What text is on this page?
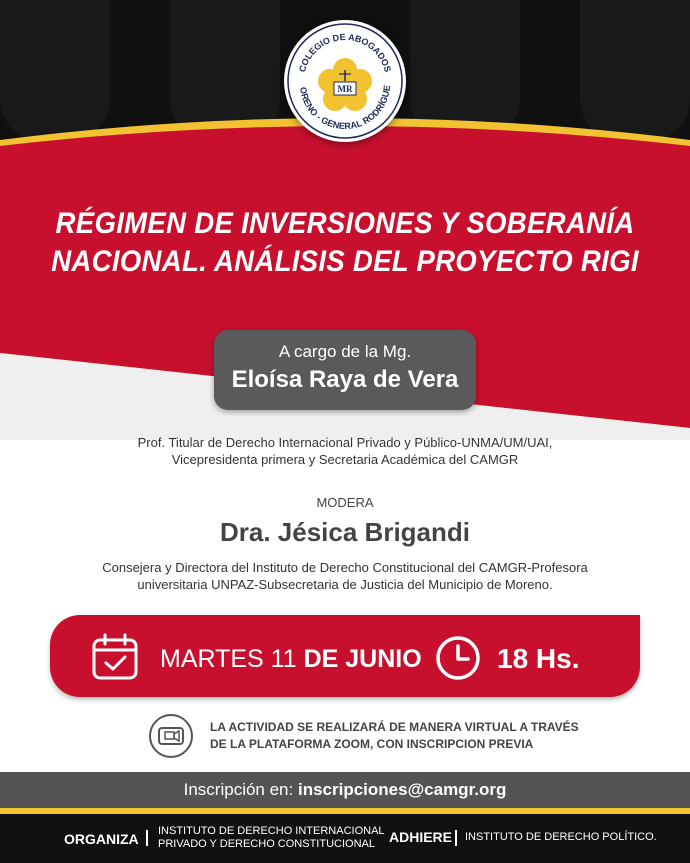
COLEGIO DE ABOGADOS
ORENO - GENERAL RODRÍGUE
MR
RÉGIMEN DE INVERSIONES Y SOBERANÍA
NACIONAL. ANÁLISIS DEL PROYECTO RIGI
A cargo de la Mg.
Eloísa Raya de Vera
Prof. Titular de Derecho Internacional Privado y Público-UNMA/UM/UAI,
Vicepresidenta primera y Secretaria Académica del CAMGR
MODERA
Dra. Jésica Brigandi
Consejera y Directora del Instituto de Derecho Constitucional del CAMGR-Profesora
universitaria UNPAZ-Subsecretaria de Justicia del Municipio de Moreno.
MARTES 11 DE JUNIO	18 Hs.
LA ACTIVIDAD SE REALIZARÁ DE MANERA VIRTUAL A TRAVÉS
DE LA PLATAFORMA ZOOM, CON INSCRIPCION PREVIA
Inscripción en: inscripciones@camgr.org
ORGANIZA INSTITUTO DE DERECHO INTERNACIONAL
PRIVADO Y DERECHO CONSTITUCIONAL	ADHIERE INSTITUTO DE DERECHO POLÍTICO.
